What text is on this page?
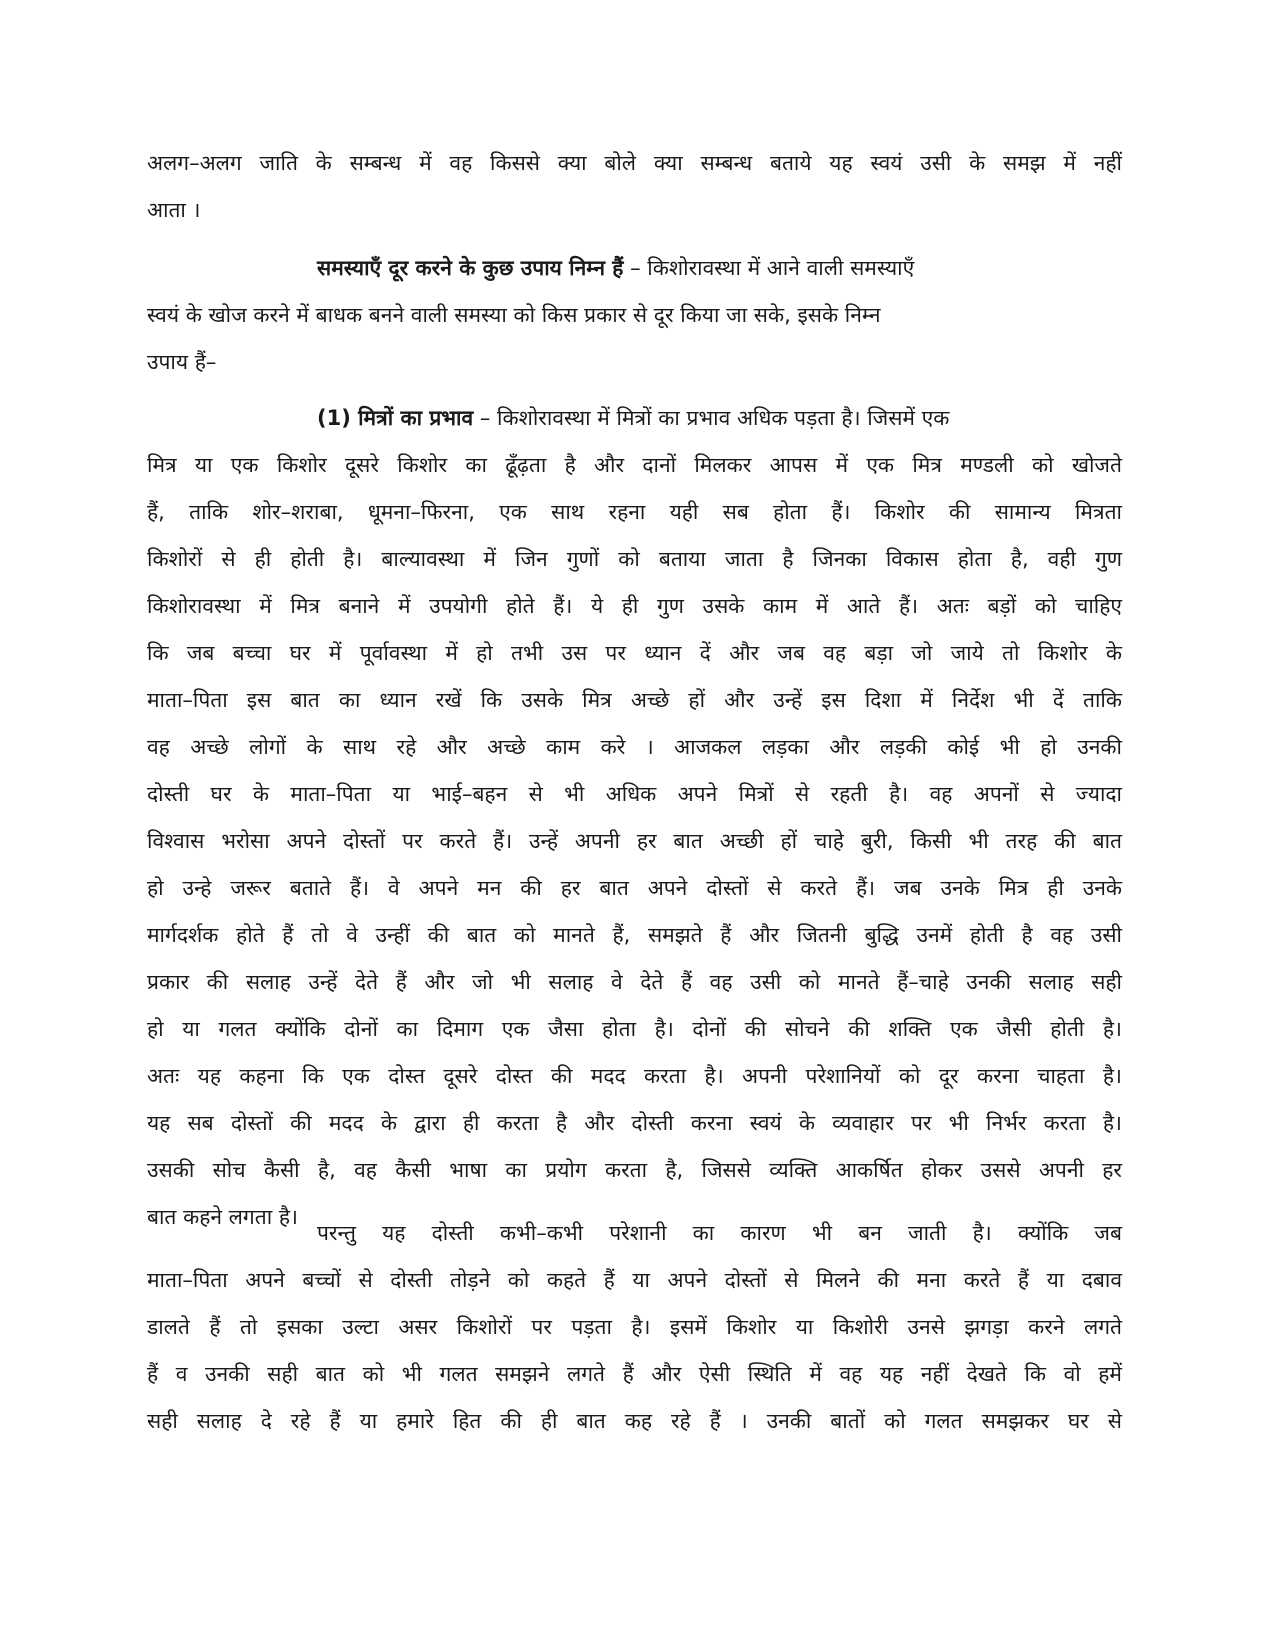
अलग–अलग जाति के सम्बन्ध में वह किससे क्या बोले क्या सम्बन्ध बताये यह स्वयं उसी के समझ में नहीं
आता ।
समस्याएँ दूर करने के कुछ उपाय निम्न हैं – किशोरावस्था में आने वाली समस्याएँ
स्वयं के खोज करने में बाधक बनने वाली समस्या को किस प्रकार से दूर किया जा सके, इसके निम्न
उपाय हैं–
(1) मित्रों का प्रभाव – किशोरावस्था में मित्रों का प्रभाव अधिक पड़ता है। जिसमें एक
मित्र या एक किशोर दूसरे किशोर का ढूँढ़ता है और दानों मिलकर आपस में एक मित्र मण्डली को खोजते
हैं, ताकि शोर–शराबा, धूमना–फिरना, एक साथ रहना यही सब होता हैं। किशोर की सामान्य मित्रता
किशोरों से ही होती है। बाल्यावस्था में जिन गुणों को बताया जाता है जिनका विकास होता है, वही गुण
किशोरावस्था में मित्र बनाने में उपयोगी होते हैं। ये ही गुण उसके काम में आते हैं। अतः बड़ों को चाहिए
कि जब बच्चा घर में पूर्वावस्था में हो तभी उस पर ध्यान दें और जब वह बड़ा जो जाये तो किशोर के
माता–पिता इस बात का ध्यान रखें कि उसके मित्र अच्छे हों और उन्हें इस दिशा में निर्देश भी दें ताकि
वह अच्छे लोगों के साथ रहे और अच्छे काम करे । आजकल लड़का और लड़की कोई भी हो उनकी
दोस्ती घर के माता–पिता या भाई–बहन से भी अधिक अपने मित्रों से रहती है। वह अपनों से ज्यादा
विश्वास भरोसा अपने दोस्तों पर करते हैं। उन्हें अपनी हर बात अच्छी हों चाहे बुरी, किसी भी तरह की बात
हो उन्हे जरूर बताते हैं। वे अपने मन की हर बात अपने दोस्तों से करते हैं। जब उनके मित्र ही उनके
मार्गदर्शक होते हैं तो वे उन्हीं की बात को मानते हैं, समझते हैं और जितनी बुद्धि उनमें होती है वह उसी
प्रकार की सलाह उन्हें देते हैं और जो भी सलाह वे देते हैं वह उसी को मानते हैं–चाहे उनकी सलाह सही
हो या गलत क्योंकि दोनों का दिमाग एक जैसा होता है। दोनों की सोचने की शक्ति एक जैसी होती है।
अतः यह कहना कि एक दोस्त दूसरे दोस्त की मदद करता है। अपनी परेशानियों को दूर करना चाहता है।
यह सब दोस्तों की मदद के द्वारा ही करता है और दोस्ती करना स्वयं के व्यवाहार पर भी निर्भर करता है।
उसकी सोच कैसी है, वह कैसी भाषा का प्रयोग करता है, जिससे व्यक्ति आकर्षित होकर उससे अपनी हर
बात कहने लगता है।
परन्तु यह दोस्ती कभी–कभी परेशानी का कारण भी बन जाती है। क्योंकि जब
माता–पिता अपने बच्चों से दोस्ती तोड़ने को कहते हैं या अपने दोस्तों से मिलने की मना करते हैं या दबाव
डालते हैं तो इसका उल्टा असर किशोरों पर पड़ता है। इसमें किशोर या किशोरी उनसे झगड़ा करने लगते
हैं व उनकी सही बात को भी गलत समझने लगते हैं और ऐसी स्थिति में वह यह नहीं देखते कि वो हमें
सही सलाह दे रहे हैं या हमारे हित की ही बात कह रहे हैं । उनकी बातों को गलत समझकर घर से
